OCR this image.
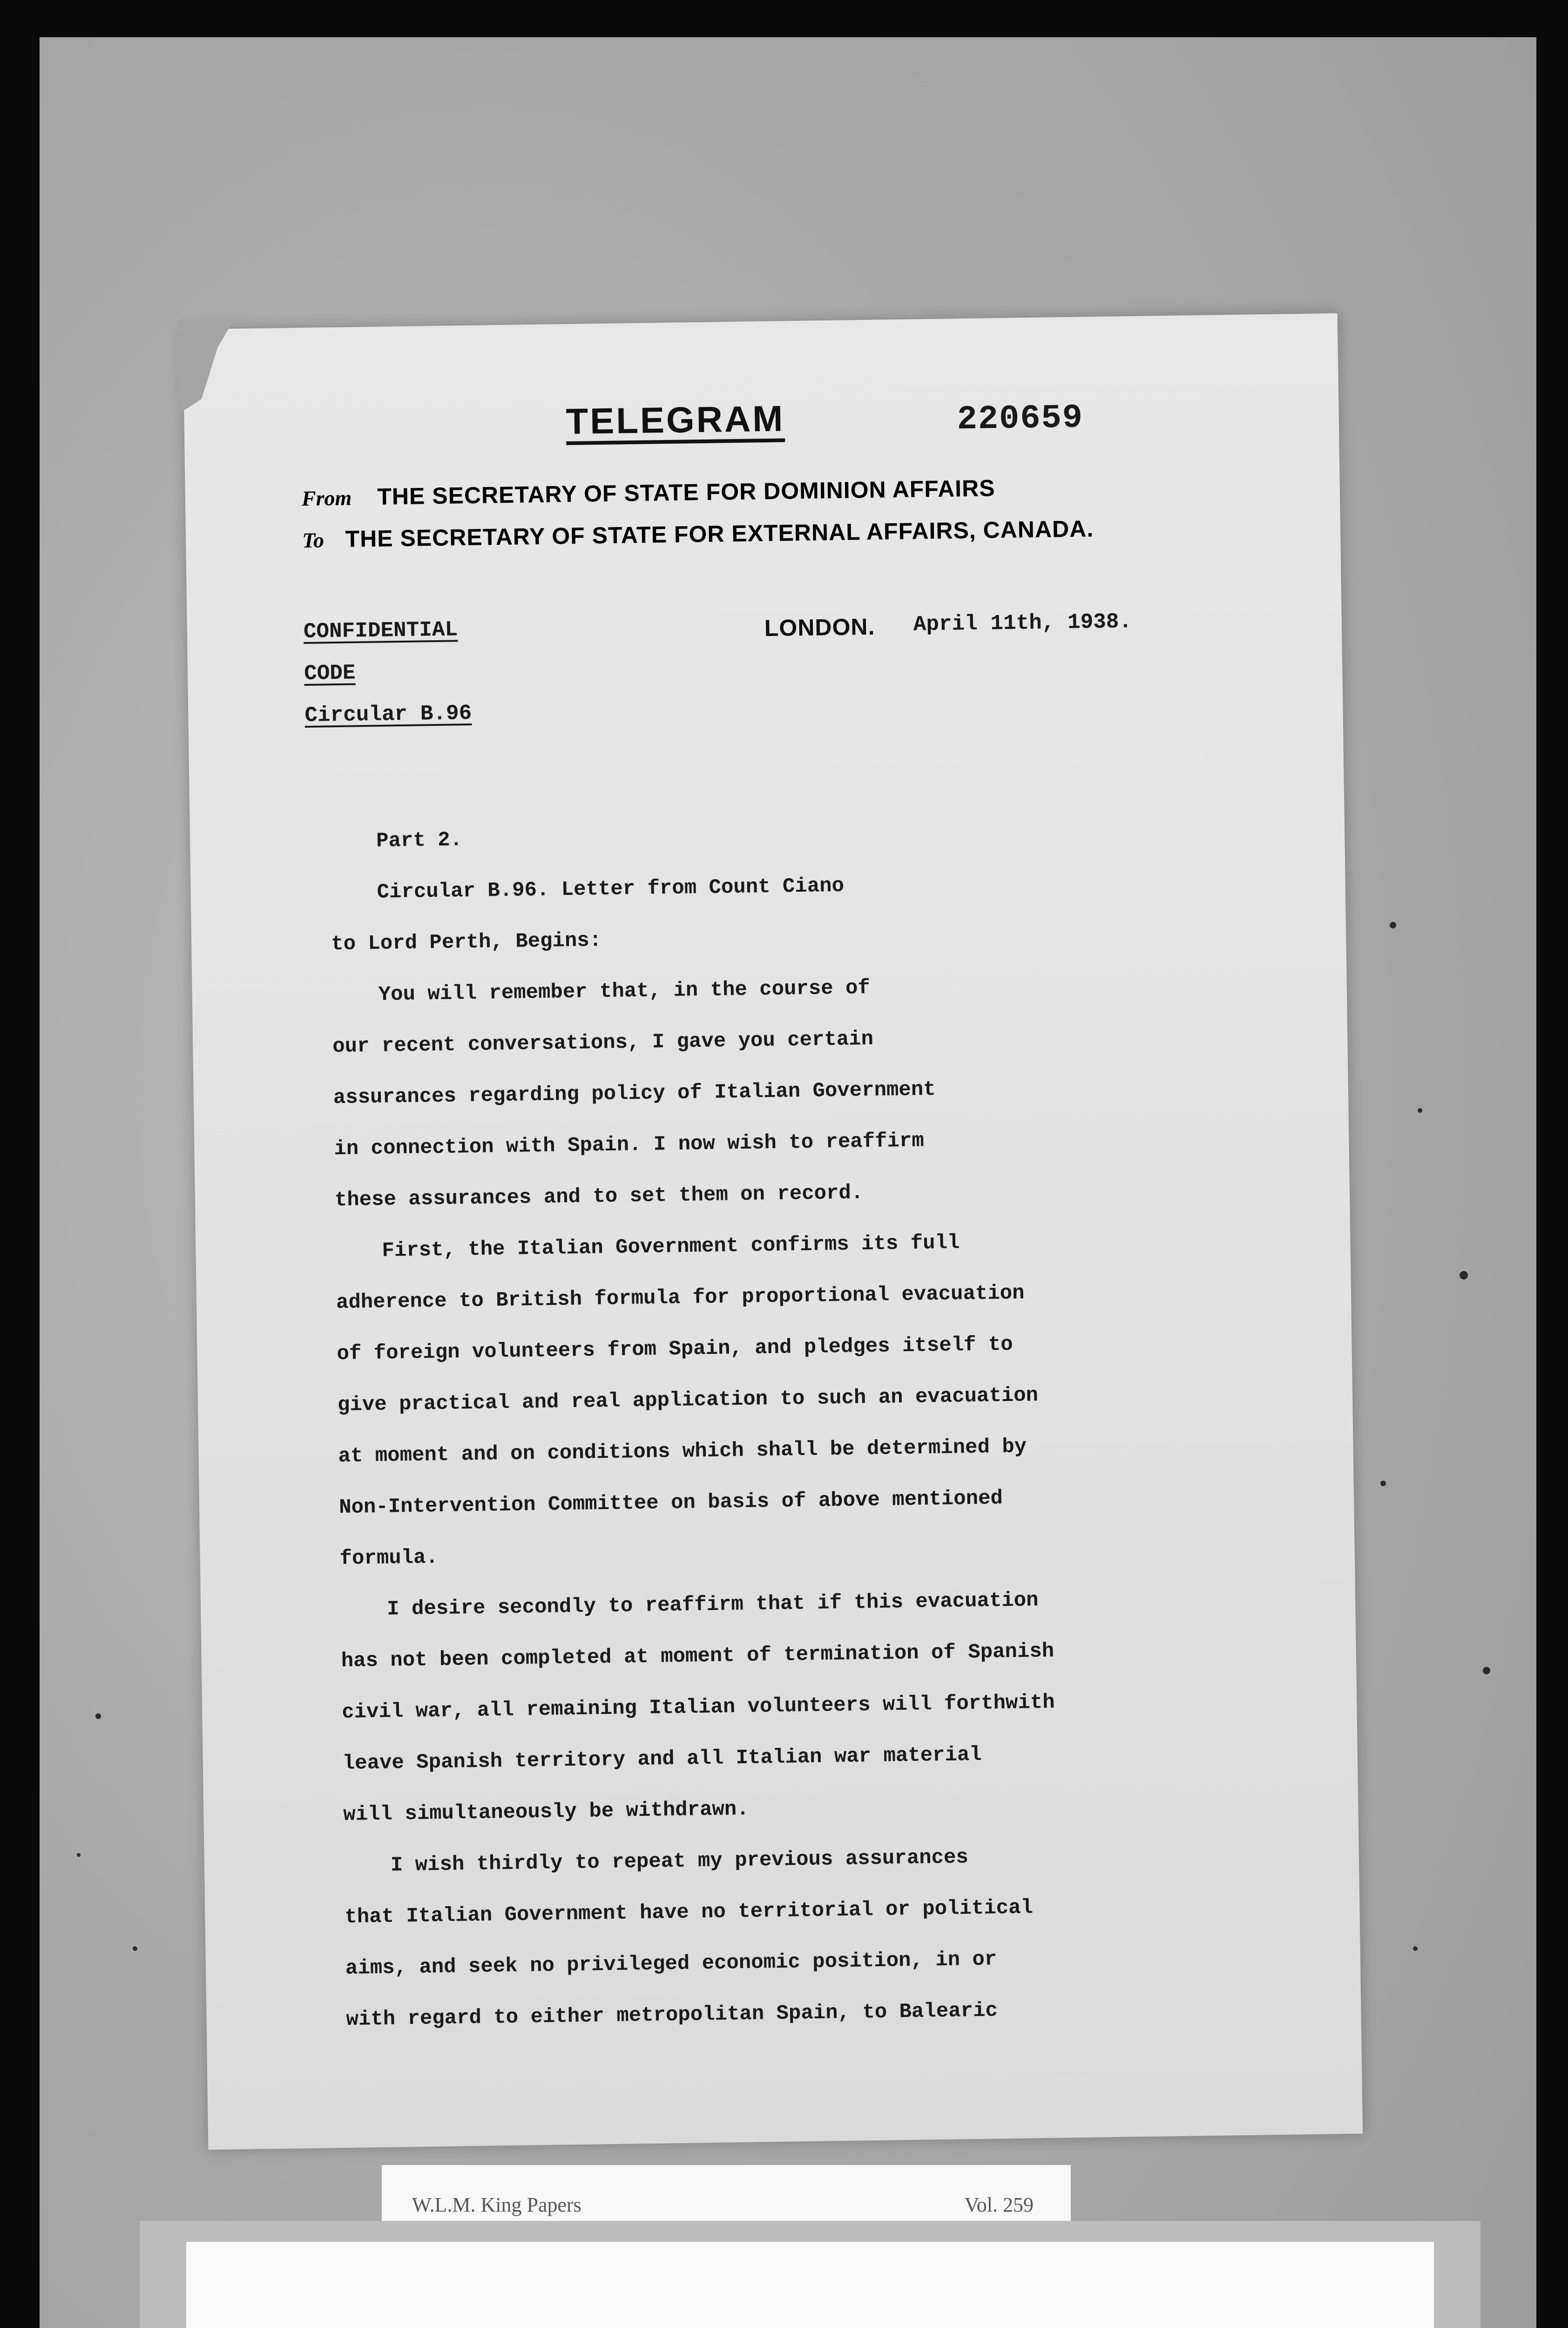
TELEGRAM	220659
From THE SECRETARY OF STATE FOR DOMINION AFFAIRS
To THE SECRETARY OF STATE FOR EXTERNAL AFFAIRS, CANADA.
CONFIDENTIAL
CODE
Circular B.96
LONDON. April 11th, 1938.
Part 2.
Circular B.96. Letter from Count Ciano
to Lord Perth, Begins:
You will remember that, in the course of
our recent conversations, I gave you certain
assurances regarding policy of Italian Government
in connection with Spain. I now wish to reaffirm
these assurances and to set them on record.
First, the Italian Government confirms its full
adherence to British formula for proportional evacuation
of foreign volunteers from Spain, and pledges itself to
give practical and real application to such an evacuation
at moment and on conditions which shall be determined by
Non-Intervention Committee on basis of above mentioned
formula.
I desire secondly to reaffirm that if this evacuation
has not been completed at moment of termination of Spanish
civil war, all remaining Italian volunteers will forthwith
leave Spanish territory and all Italian war material
will simultaneously be withdrawn.
I wish thirdly to repeat my previous assurances
that Italian Government have no territorial or political
aims, and seek no privileged economic position, in or
with regard to either metropolitan Spain, to Balearic
W.L.M. King Papers	Vol. 259
